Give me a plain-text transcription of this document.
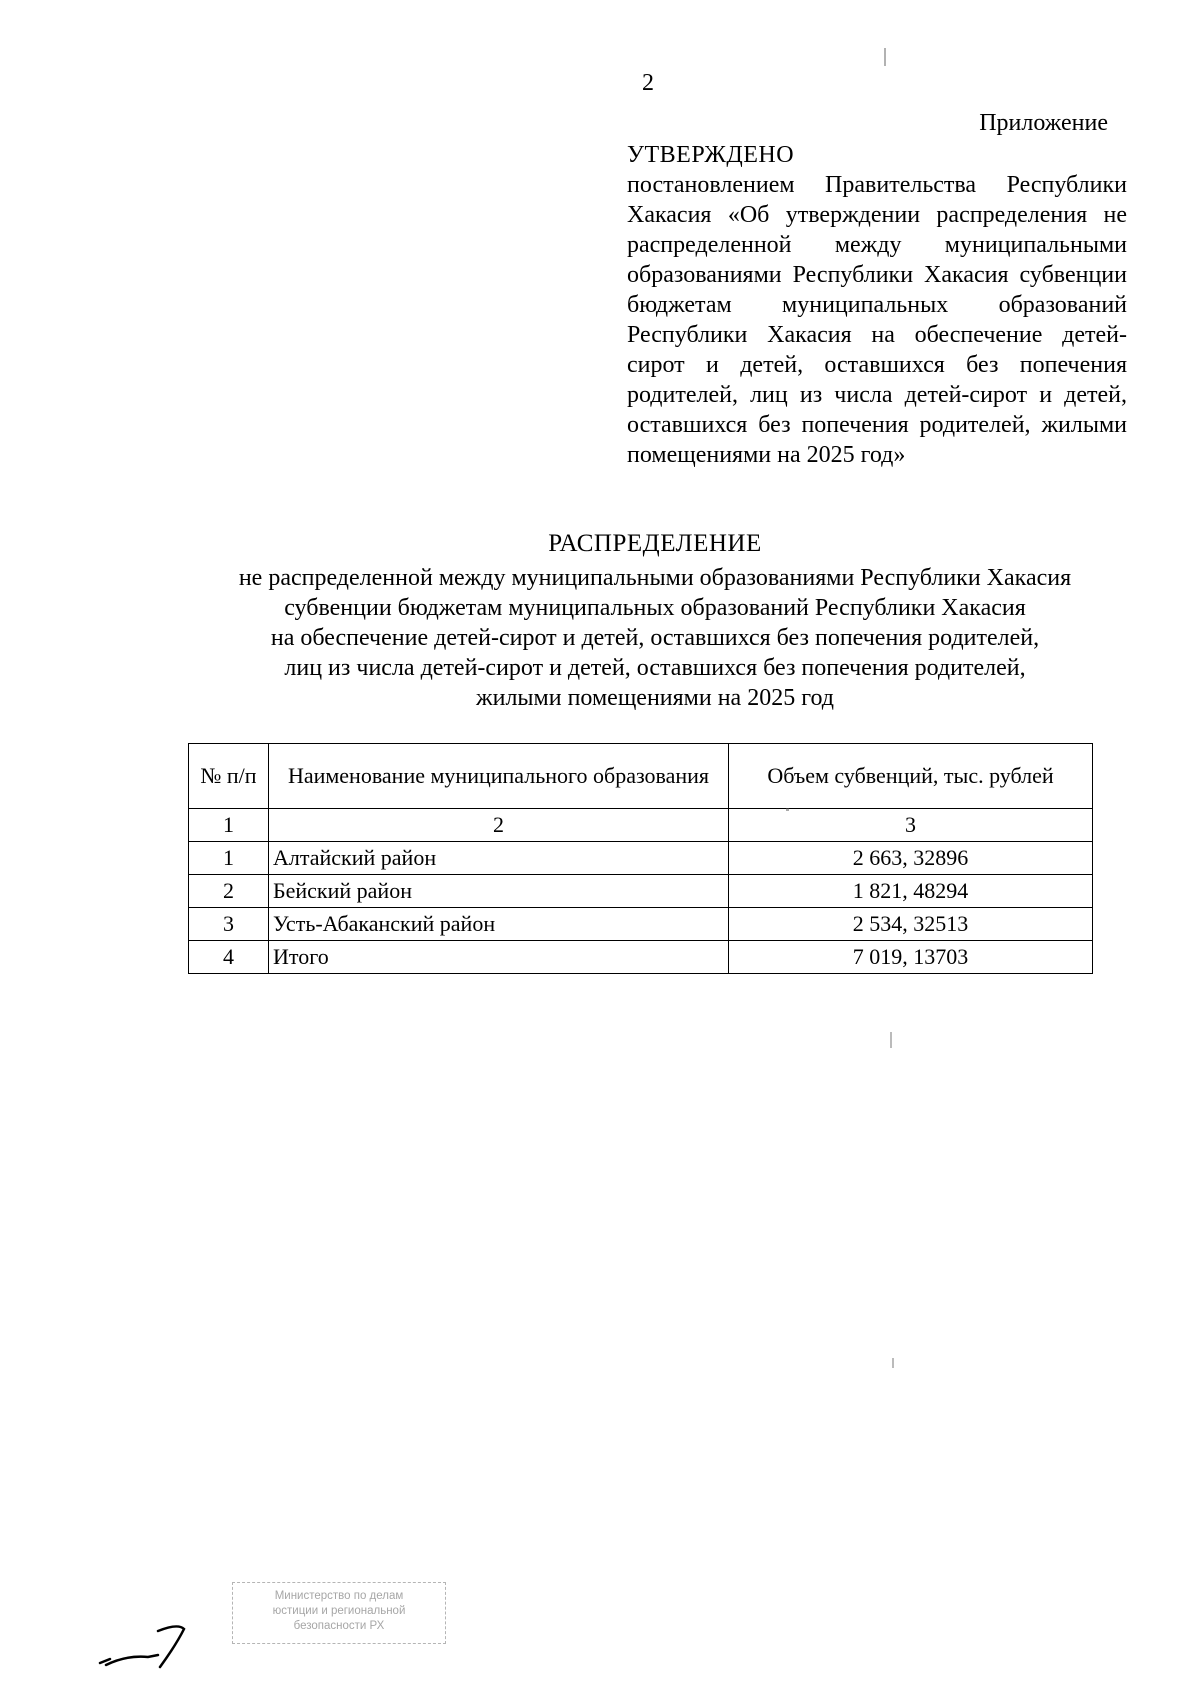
2
Приложение
УТВЕРЖДЕНО
постановлением Правительства Республики Хакасия «Об утверждении распределения не распределенной между муниципальными образованиями Республики Хакасия субвенции бюджетам муниципальных образований Республики Хакасия на обеспечение детей-сирот и детей, оставшихся без попечения родителей, лиц из числа детей-сирот и детей, оставшихся без попечения родителей, жилыми помещениями на 2025 год»
РАСПРЕДЕЛЕНИЕ
не распределенной между муниципальными образованиями Республики Хакасия
субвенции бюджетам муниципальных образований Республики Хакасия
на обеспечение детей-сирот и детей, оставшихся без попечения родителей,
лиц из числа детей-сирот и детей, оставшихся без попечения родителей,
жилыми помещениями на 2025 год
№ п/п	Наименование муниципального образования	Объем субвенций, тыс. рублей
1	2	3
1	Алтайский район	2 663, 32896
2	Бейский район	1 821, 48294
3	Усть-Абаканский район	2 534, 32513
4	Итого	7 019, 13703
Министерство по делам
юстиции и региональной
безопасности РХ
